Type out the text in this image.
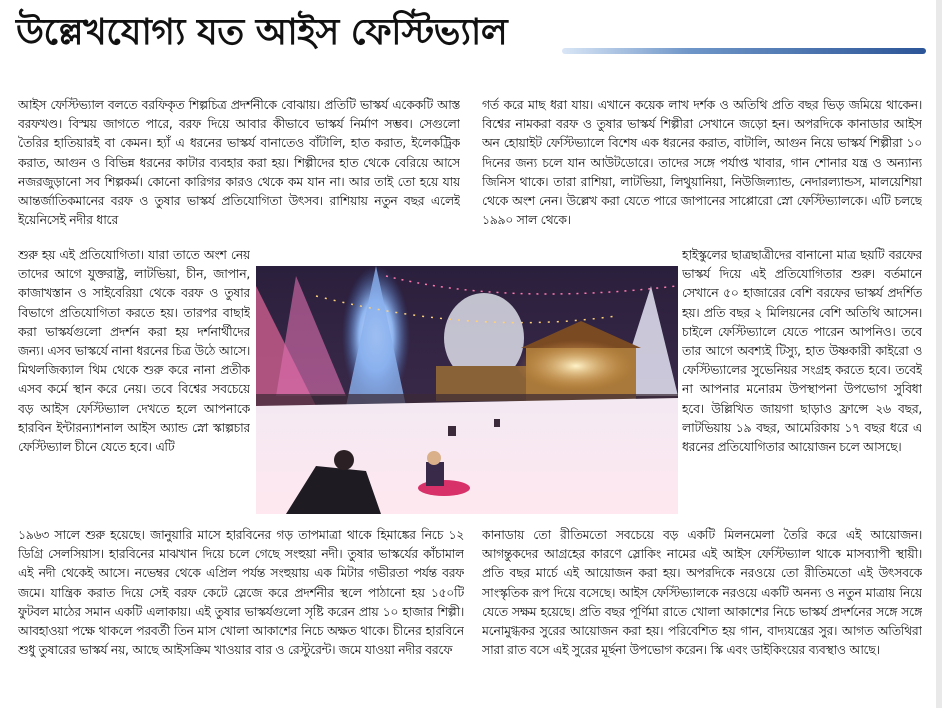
উল্লেখযোগ্য যত আইস ফেস্টিভ্যাল

আইস ফেস্টিভ্যাল বলতে বরফিকৃত শিল্পচিত্র প্রদর্শনীকে বোঝায়। প্রতিটি ভাস্কর্য একেকটি আস্ত বরফখণ্ড। বিস্ময় জাগতে পারে, বরফ দিয়ে আবার কীভাবে ভাস্কর্য নির্মাণ সম্ভব। সেগুলো তৈরির হাতিয়ারই বা কেমন। হ্যাঁ এ ধরনের ভাস্কর্য বানাতেও বাঁটালি, হাত করাত, ইলেকট্রিক করাত, আগুন ও বিভিন্ন ধরনের কাটার ব্যবহার করা হয়। শিল্পীদের হাত থেকে বেরিয়ে আসে নজরজুড়ানো সব শিল্পকর্ম। কোনো কারিগর কারও থেকে কম যান না। আর তাই তো হয়ে যায় আন্তর্জাতিকমানের বরফ ও তুষার ভাস্কর্য প্রতিযোগিতা উৎসব। রাশিয়ায় নতুন বছর এলেই ইয়েনিসেই নদীর ধারে

গর্ত করে মাছ ধরা যায়। এখানে কয়েক লাখ দর্শক ও অতিথি প্রতি বছর ভিড় জমিয়ে থাকেন। বিশ্বের নামকরা বরফ ও তুষার ভাস্কর্য শিল্পীরা সেখানে জড়ো হন। অপরদিকে কানাডার আইস অন হোয়াইট ফেস্টিভ্যালে বিশেষ এক ধরনের করাত, বাটালি, আগুন নিয়ে ভাস্কর্য শিল্পীরা ১০ দিনের জন্য চলে যান আউটডোরে। তাদের সঙ্গে পর্যাপ্ত খাবার, গান শোনার যন্ত্র ও অন্যান্য জিনিস থাকে। তারা রাশিয়া, লাটভিয়া, লিথুয়ানিয়া, নিউজিল্যান্ড, নেদারল্যান্ডস, মালয়েশিয়া থেকে অংশ নেন। উল্লেখ করা যেতে পারে জাপানের সাপ্পোরো স্নো ফেস্টিভ্যালকে। এটি চলছে ১৯৯০ সাল থেকে।

শুরু হয় এই প্রতিযোগিতা। যারা তাতে অংশ নেয় তাদের আগে যুক্তরাষ্ট্র, লাটভিয়া, চীন, জাপান, কাজাখস্তান ও সাইবেরিয়া থেকে বরফ ও তুষার বিভাগে প্রতিযোগিতা করতে হয়। তারপর বাছাই করা ভাস্কর্যগুলো প্রদর্শন করা হয় দর্শনার্থীদের জন্য। এসব ভাস্কর্যে নানা ধরনের চিত্র উঠে আসে। মিথলজিক্যাল থিম থেকে শুরু করে নানা প্রতীক এসব কর্মে স্থান করে নেয়। তবে বিশ্বের সবচেয়ে বড় আইস ফেস্টিভ্যাল দেখতে হলে আপনাকে হারবিন ইন্টারন্যাশনাল আইস অ্যান্ড স্নো স্কাল্পচার ফেস্টিভ্যাল চীনে যেতে হবে। এটি

হাইস্কুলের ছাত্রছাত্রীদের বানানো মাত্র ছয়টি বরফের ভাস্কর্য দিয়ে এই প্রতিযোগিতার শুরু। বর্তমানে সেখানে ৫০ হাজারের বেশি বরফের ভাস্কর্য প্রদর্শিত হয়। প্রতি বছর ২ মিলিয়নের বেশি অতিথি আসেন। চাইলে ফেস্টিভ্যালে যেতে পারেন আপনিও। তবে তার আগে অবশ্যই টিস্যু, হাত উষ্ণকারী কাইরো ও ফেস্টিভ্যালের সুভেনিয়র সংগ্রহ করতে হবে। তবেই না আপনার মনোরম উপস্থাপনা উপভোগ সুবিধা হবে। উল্লিখিত জায়গা ছাড়াও ফ্রান্সে ২৬ বছর, লাটভিয়ায় ১৯ বছর, আমেরিকায় ১৭ বছর ধরে এ ধরনের প্রতিযোগিতার আয়োজন চলে আসছে।

১৯৬৩ সালে শুরু হয়েছে। জানুয়ারি মাসে হারবিনের গড় তাপমাত্রা থাকে হিমাঙ্কের নিচে ১২ ডিগ্রি সেলসিয়াস। হারবিনের মাঝখান দিয়ে চলে গেছে সংহুয়া নদী। তুষার ভাস্কর্যের কাঁচামাল এই নদী থেকেই আসে। নভেম্বর থেকে এপ্রিল পর্যন্ত সংহুয়ায় এক মিটার গভীরতা পর্যন্ত বরফ জমে। যান্ত্রিক করাত দিয়ে সেই বরফ কেটে স্লেজে করে প্রদর্শনীর স্থলে পাঠানো হয় ১৫০টি ফুটবল মাঠের সমান একটি এলাকায়। এই তুষার ভাস্কর্যগুলো সৃষ্টি করেন প্রায় ১০ হাজার শিল্পী। আবহাওয়া পক্ষে থাকলে পরবর্তী তিন মাস খোলা আকাশের নিচে অক্ষত থাকে। চীনের হারবিনে শুধু তুষারের ভাস্কর্য নয়, আছে আইসক্রিম খাওয়ার বার ও রেস্টুরেন্ট। জমে যাওয়া নদীর বরফে

কানাডায় তো রীতিমতো সবচেয়ে বড় একটি মিলনমেলা তৈরি করে এই আয়োজন। আগন্তুকদের আগ্রহের কারণে স্লোকিং নামের এই আইস ফেস্টিভ্যাল থাকে মাসব্যাপী স্থায়ী। প্রতি বছর মার্চে এই আয়োজন করা হয়। অপরদিকে নরওয়ে তো রীতিমতো এই উৎসবকে সাংস্কৃতিক রূপ দিয়ে বসেছে। আইস ফেস্টিভ্যালকে নরওয়ে একটি অনন্য ও নতুন মাত্রায় নিয়ে যেতে সক্ষম হয়েছে। প্রতি বছর পূর্ণিমা রাতে খোলা আকাশের নিচে ভাস্কর্য প্রদর্শনের সঙ্গে সঙ্গে মনোমুগ্ধকর সুরের আয়োজন করা হয়। পরিবেশিত হয় গান, বাদ্যযন্ত্রের সুর। আগত অতিথিরা সারা রাত বসে এই সুরের মূর্ছনা উপভোগ করেন। স্কি এবং ডাইকিংয়ের ব্যবস্থাও আছে।
